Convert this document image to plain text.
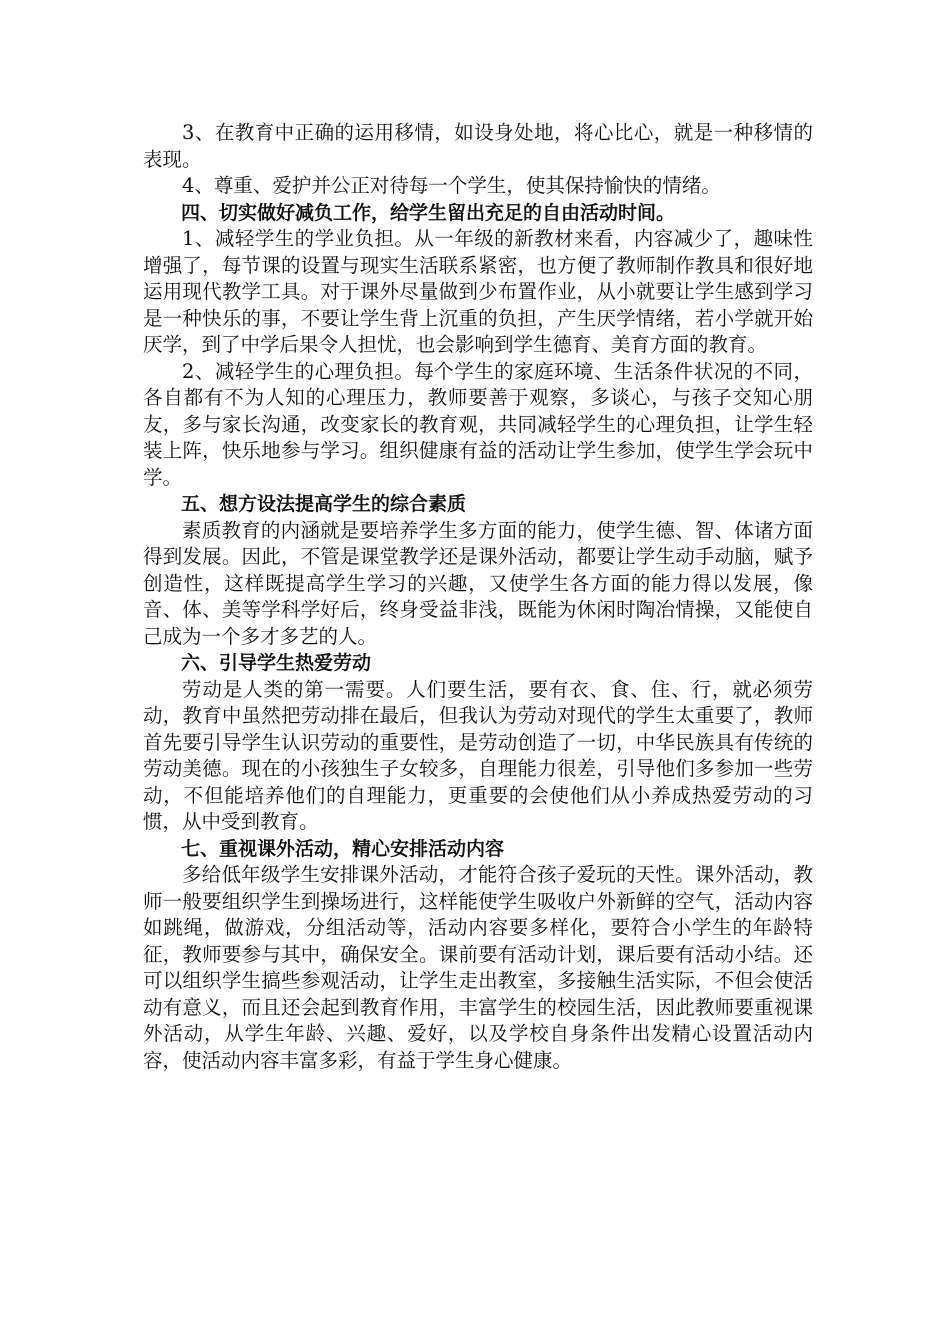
3、在教育中正确的运用移情，如设身处地，将心比心，就是一种移情的表现。

4、尊重、爱护并公正对待每一个学生，使其保持愉快的情绪。

四、切实做好减负工作，给学生留出充足的自由活动时间。

1、减轻学生的学业负担。从一年级的新教材来看，内容减少了，趣味性增强了，每节课的设置与现实生活联系紧密，也方便了教师制作教具和很好地运用现代教学工具。对于课外尽量做到少布置作业，从小就要让学生感到学习是一种快乐的事，不要让学生背上沉重的负担，产生厌学情绪，若小学就开始厌学，到了中学后果令人担忧，也会影响到学生德育、美育方面的教育。

2、减轻学生的心理负担。每个学生的家庭环境、生活条件状况的不同，各自都有不为人知的心理压力，教师要善于观察，多谈心，与孩子交知心朋友，多与家长沟通，改变家长的教育观，共同减轻学生的心理负担，让学生轻装上阵，快乐地参与学习。组织健康有益的活动让学生参加，使学生学会玩中学。

五、想方设法提高学生的综合素质

素质教育的内涵就是要培养学生多方面的能力，使学生德、智、体诸方面得到发展。因此，不管是课堂教学还是课外活动，都要让学生动手动脑，赋予创造性，这样既提高学生学习的兴趣，又使学生各方面的能力得以发展，像音、体、美等学科学好后，终身受益非浅，既能为休闲时陶冶情操，又能使自己成为一个多才多艺的人。

六、引导学生热爱劳动

劳动是人类的第一需要。人们要生活，要有衣、食、住、行，就必须劳动，教育中虽然把劳动排在最后，但我认为劳动对现代的学生太重要了，教师首先要引导学生认识劳动的重要性，是劳动创造了一切，中华民族具有传统的劳动美德。现在的小孩独生子女较多，自理能力很差，引导他们多参加一些劳动，不但能培养他们的自理能力，更重要的会使他们从小养成热爱劳动的习惯，从中受到教育。

七、重视课外活动，精心安排活动内容

多给低年级学生安排课外活动，才能符合孩子爱玩的天性。课外活动，教师一般要组织学生到操场进行，这样能使学生吸收户外新鲜的空气，活动内容如跳绳，做游戏，分组活动等，活动内容要多样化，要符合小学生的年龄特征，教师要参与其中，确保安全。课前要有活动计划，课后要有活动小结。还可以组织学生搞些参观活动，让学生走出教室，多接触生活实际，不但会使活动有意义，而且还会起到教育作用，丰富学生的校园生活，因此教师要重视课外活动，从学生年龄、兴趣、爱好，以及学校自身条件出发精心设置活动内容，使活动内容丰富多彩，有益于学生身心健康。
